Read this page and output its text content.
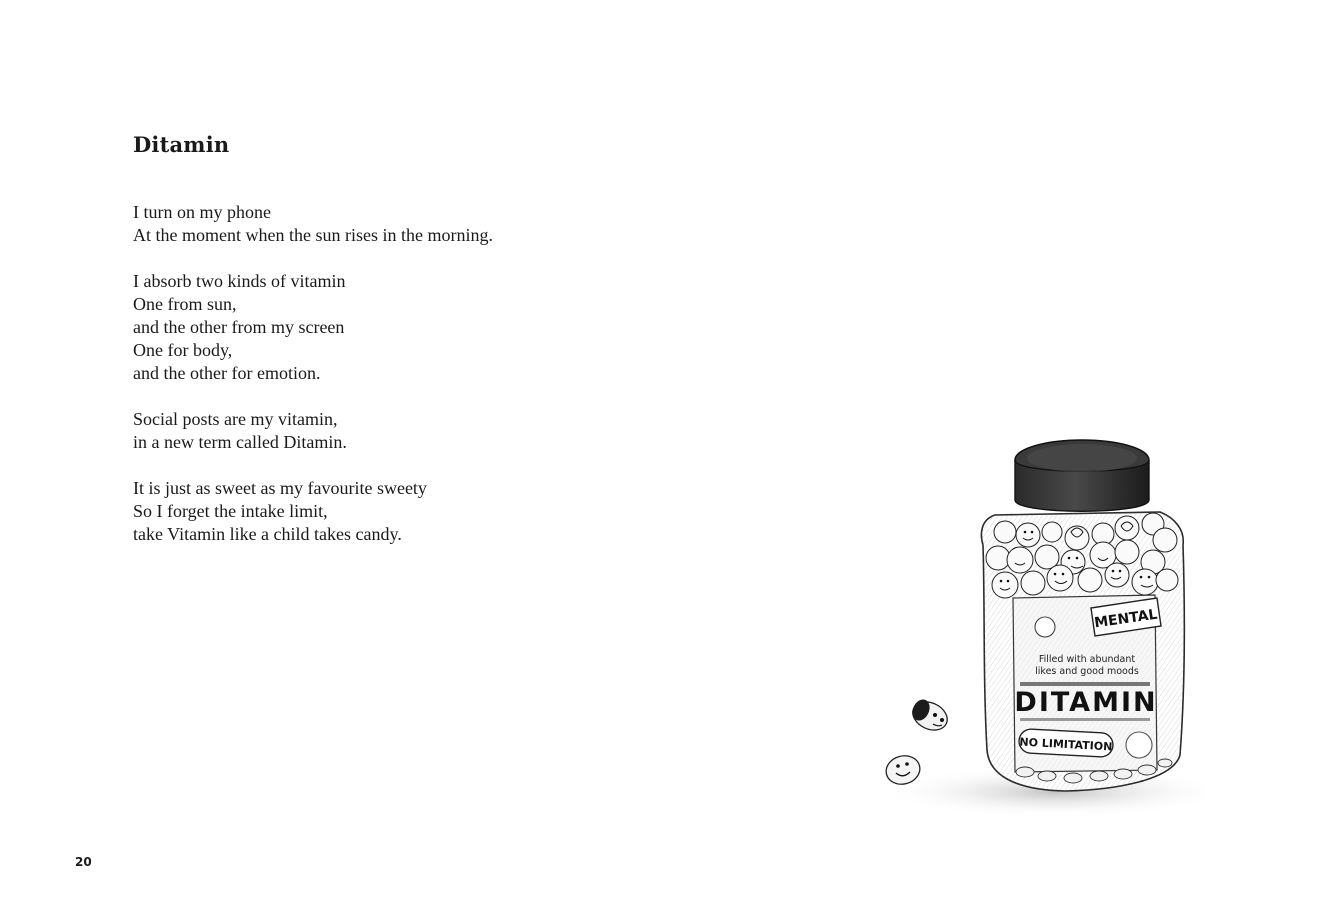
Ditamin
I turn on my phone
At the moment when the sun rises in the morning.
I absorb two kinds of vitamin
One from sun,
and the other from my screen
One for body,
and the other for emotion.
Social posts are my vitamin,
in a new term called Ditamin.
It is just as sweet as my favourite sweety
So I forget the intake limit,
take Vitamin like a child takes candy.
MENTAL
Filled with abundant
likes and good moods
DITAMIN
NO LIMITATION
20
